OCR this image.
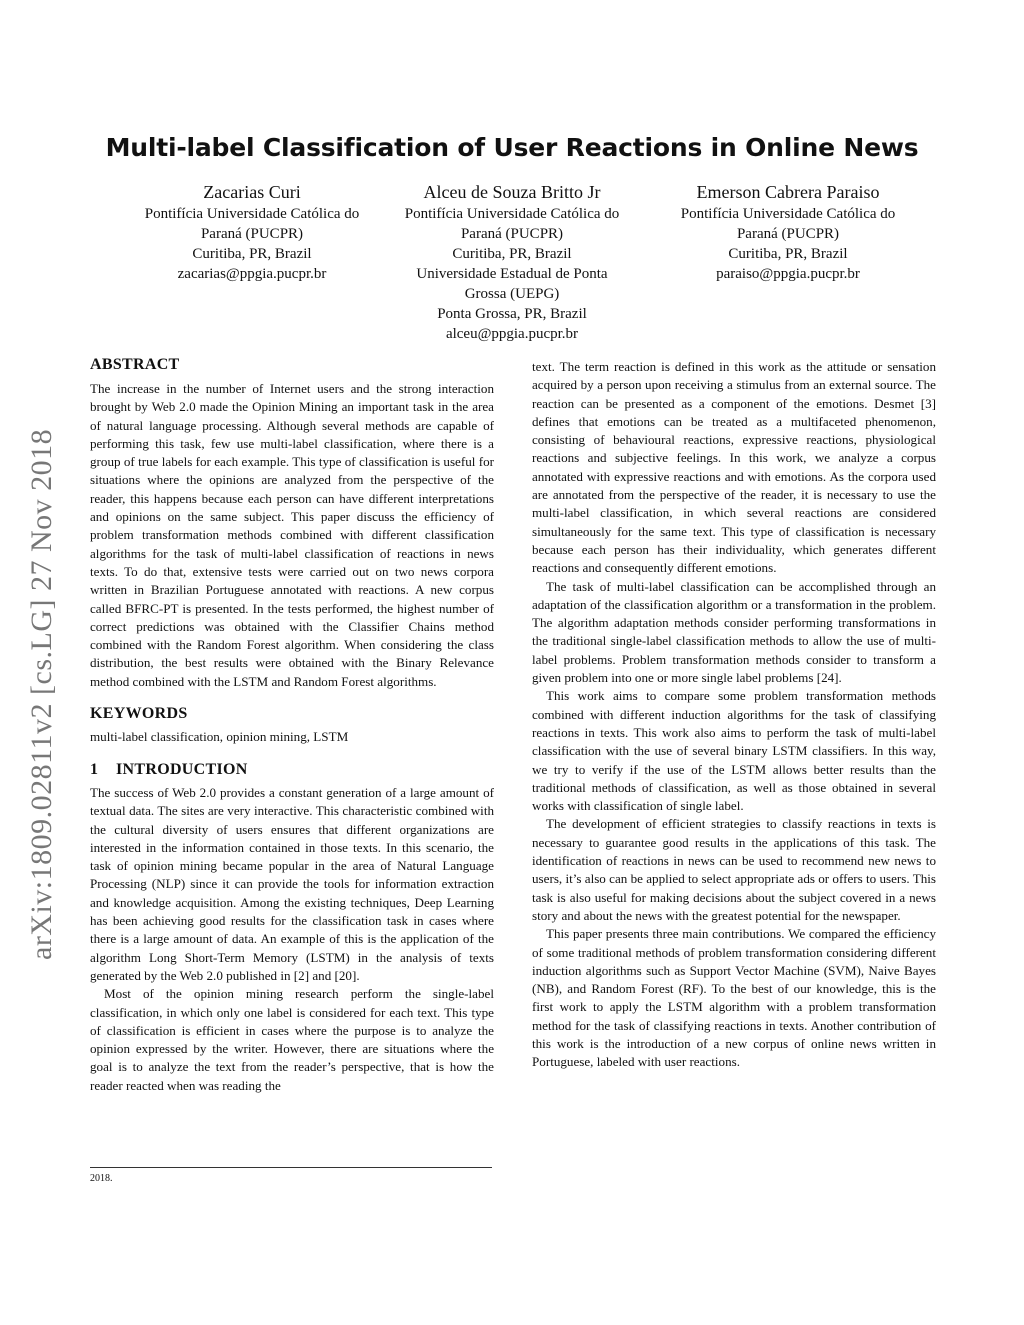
arXiv:1809.02811v2 [cs.LG] 27 Nov 2018
Multi-label Classification of User Reactions in Online News
Zacarias Curi
Pontifícia Universidade Católica do
Paraná (PUCPR)
Curitiba, PR, Brazil
zacarias@ppgia.pucpr.br
Alceu de Souza Britto Jr
Pontifícia Universidade Católica do
Paraná (PUCPR)
Curitiba, PR, Brazil
Universidade Estadual de Ponta
Grossa (UEPG)
Ponta Grossa, PR, Brazil
alceu@ppgia.pucpr.br
Emerson Cabrera Paraiso
Pontifícia Universidade Católica do
Paraná (PUCPR)
Curitiba, PR, Brazil
paraiso@ppgia.pucpr.br
ABSTRACT

The increase in the number of Internet users and the strong interaction brought by Web 2.0 made the Opinion Mining an important task in the area of natural language processing. Although several methods are capable of performing this task, few use multi-label classification, where there is a group of true labels for each example. This type of classification is useful for situations where the opinions are analyzed from the perspective of the reader, this happens because each person can have different interpretations and opinions on the same subject. This paper discuss the efficiency of problem transformation methods combined with different classification algorithms for the task of multi-label classification of reactions in news texts. To do that, extensive tests were carried out on two news corpora written in Brazilian Portuguese annotated with reactions. A new corpus called BFRC-PT is presented. In the tests performed, the highest number of correct predictions was obtained with the Classifier Chains method combined with the Random Forest algorithm. When considering the class distribution, the best results were obtained with the Binary Relevance method combined with the LSTM and Random Forest algorithms.

KEYWORDS

multi-label classification, opinion mining, LSTM

1 INTRODUCTION

The success of Web 2.0 provides a constant generation of a large amount of textual data. The sites are very interactive. This characteristic combined with the cultural diversity of users ensures that different organizations are interested in the information contained in those texts. In this scenario, the task of opinion mining became popular in the area of Natural Language Processing (NLP) since it can provide the tools for information extraction and knowledge acquisition. Among the existing techniques, Deep Learning has been achieving good results for the classification task in cases where there is a large amount of data. An example of this is the application of the algorithm Long Short-Term Memory (LSTM) in the analysis of texts generated by the Web 2.0 published in [2] and [20].

Most of the opinion mining research perform the single-label classification, in which only one label is considered for each text. This type of classification is efficient in cases where the purpose is to analyze the opinion expressed by the writer. However, there are situations where the goal is to analyze the text from the reader’s perspective, that is how the reader reacted when was reading the

text. The term reaction is defined in this work as the attitude or sensation acquired by a person upon receiving a stimulus from an external source. The reaction can be presented as a component of the emotions. Desmet [3] defines that emotions can be treated as a multifaceted phenomenon, consisting of behavioural reactions, expressive reactions, physiological reactions and subjective feelings. In this work, we analyze a corpus annotated with expressive reactions and with emotions. As the corpora used are annotated from the perspective of the reader, it is necessary to use the multi-label classification, in which several reactions are considered simultaneously for the same text. This type of classification is necessary because each person has their individuality, which generates different reactions and consequently different emotions.

The task of multi-label classification can be accomplished through an adaptation of the classification algorithm or a transformation in the problem. The algorithm adaptation methods consider performing transformations in the traditional single-label classification methods to allow the use of multi-label problems. Problem transformation methods consider to transform a given problem into one or more single label problems [24].

This work aims to compare some problem transformation methods combined with different induction algorithms for the task of classifying reactions in texts. This work also aims to perform the task of multi-label classification with the use of several binary LSTM classifiers. In this way, we try to verify if the use of the LSTM allows better results than the traditional methods of classification, as well as those obtained in several works with classification of single label.

The development of efficient strategies to classify reactions in texts is necessary to guarantee good results in the applications of this task. The identification of reactions in news can be used to recommend new news to users, it’s also can be applied to select appropriate ads or offers to users. This task is also useful for making decisions about the subject covered in a news story and about the news with the greatest potential for the newspaper.

This paper presents three main contributions. We compared the efficiency of some traditional methods of problem transformation considering different induction algorithms such as Support Vector Machine (SVM), Naive Bayes (NB), and Random Forest (RF). To the best of our knowledge, this is the first work to apply the LSTM algorithm with a problem transformation method for the task of classifying reactions in texts. Another contribution of this work is the introduction of a new corpus of online news written in Portuguese, labeled with user reactions.

2018.
